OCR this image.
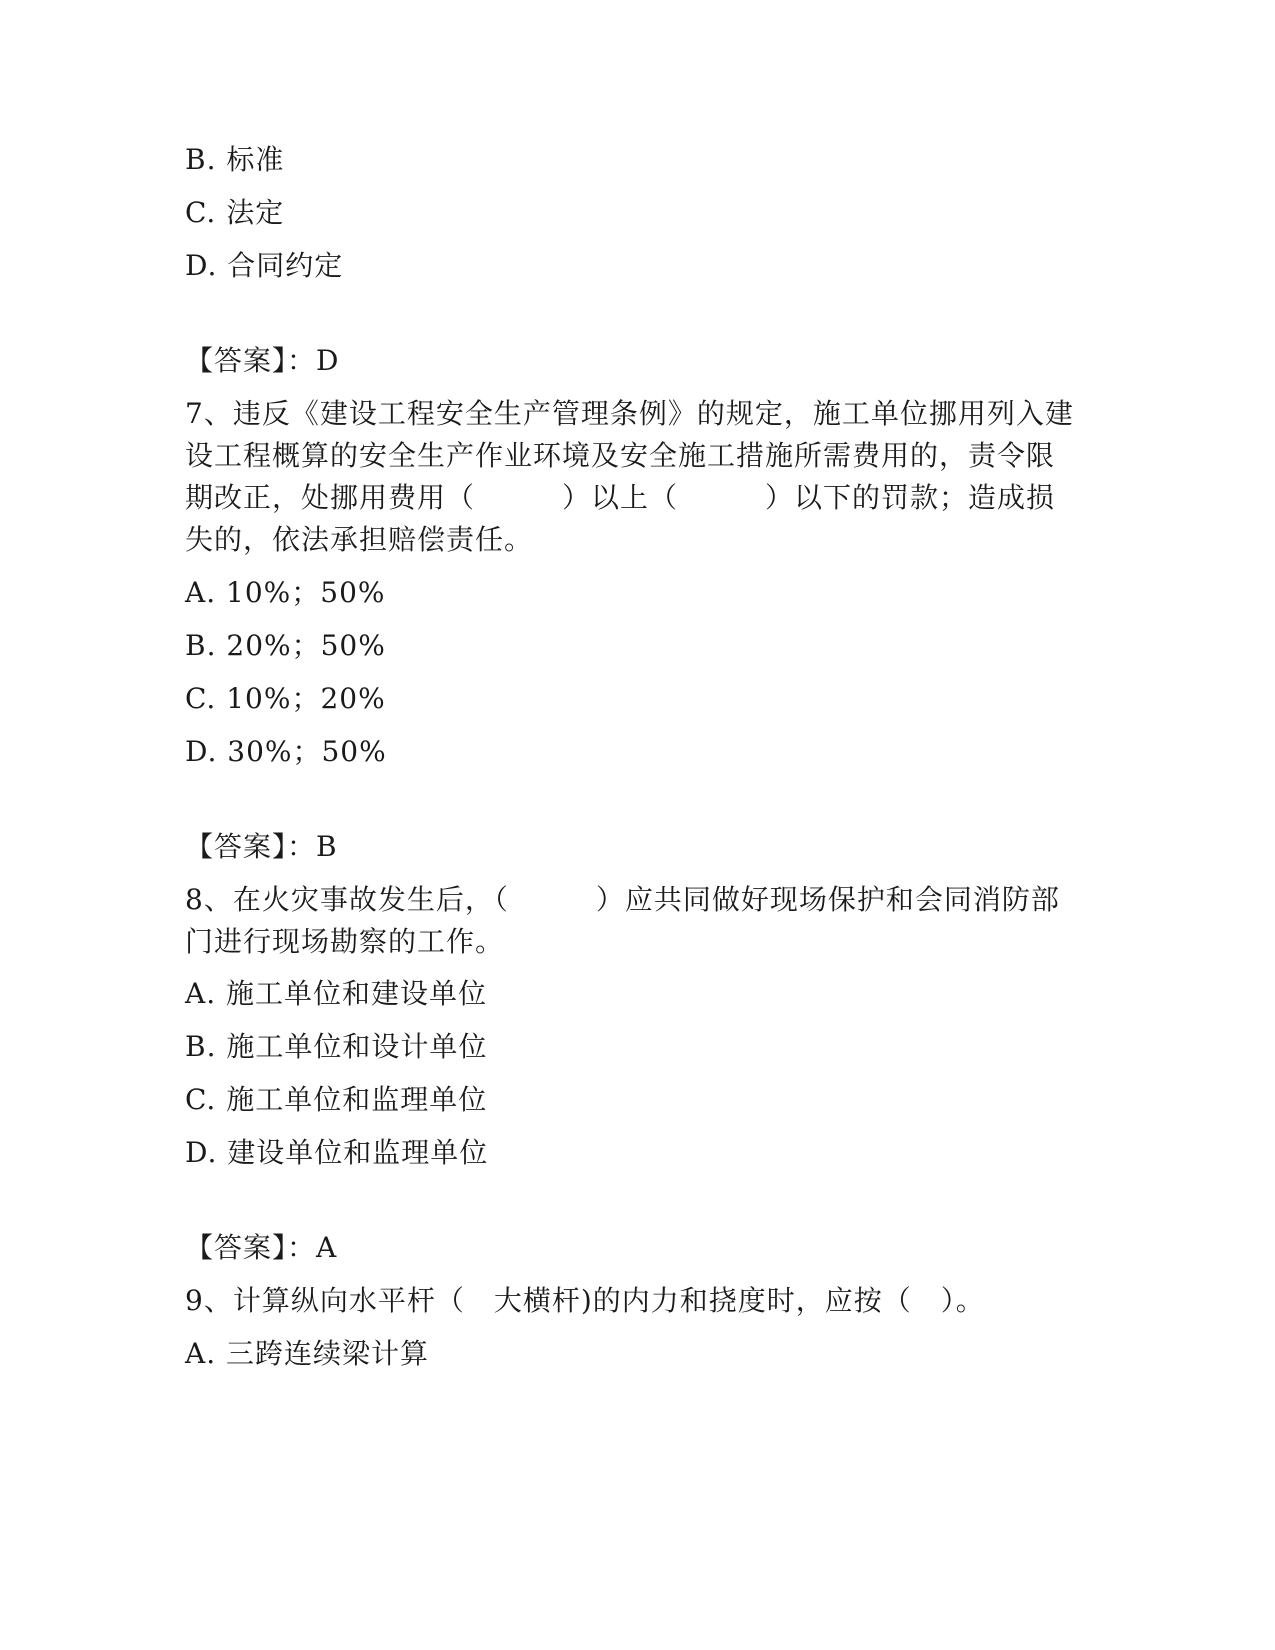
B. 标准
C. 法定
D. 合同约定
【答案】：D
7、违反《建设工程安全生产管理条例》的规定，施工单位挪用列入建
设工程概算的安全生产作业环境及安全施工措施所需费用的，责令限
期改正，处挪用费用（　　　）以上（　　　）以下的罚款；造成损
失的，依法承担赔偿责任。
A. 10%；50%
B. 20%；50%
C. 10%；20%
D. 30%；50%
【答案】：B
8、在火灾事故发生后，（　　　）应共同做好现场保护和会同消防部
门进行现场勘察的工作。
A. 施工单位和建设单位
B. 施工单位和设计单位
C. 施工单位和监理单位
D. 建设单位和监理单位
【答案】：A
9、计算纵向水平杆（　大横杆)的内力和挠度时，应按（　）。
A. 三跨连续梁计算
